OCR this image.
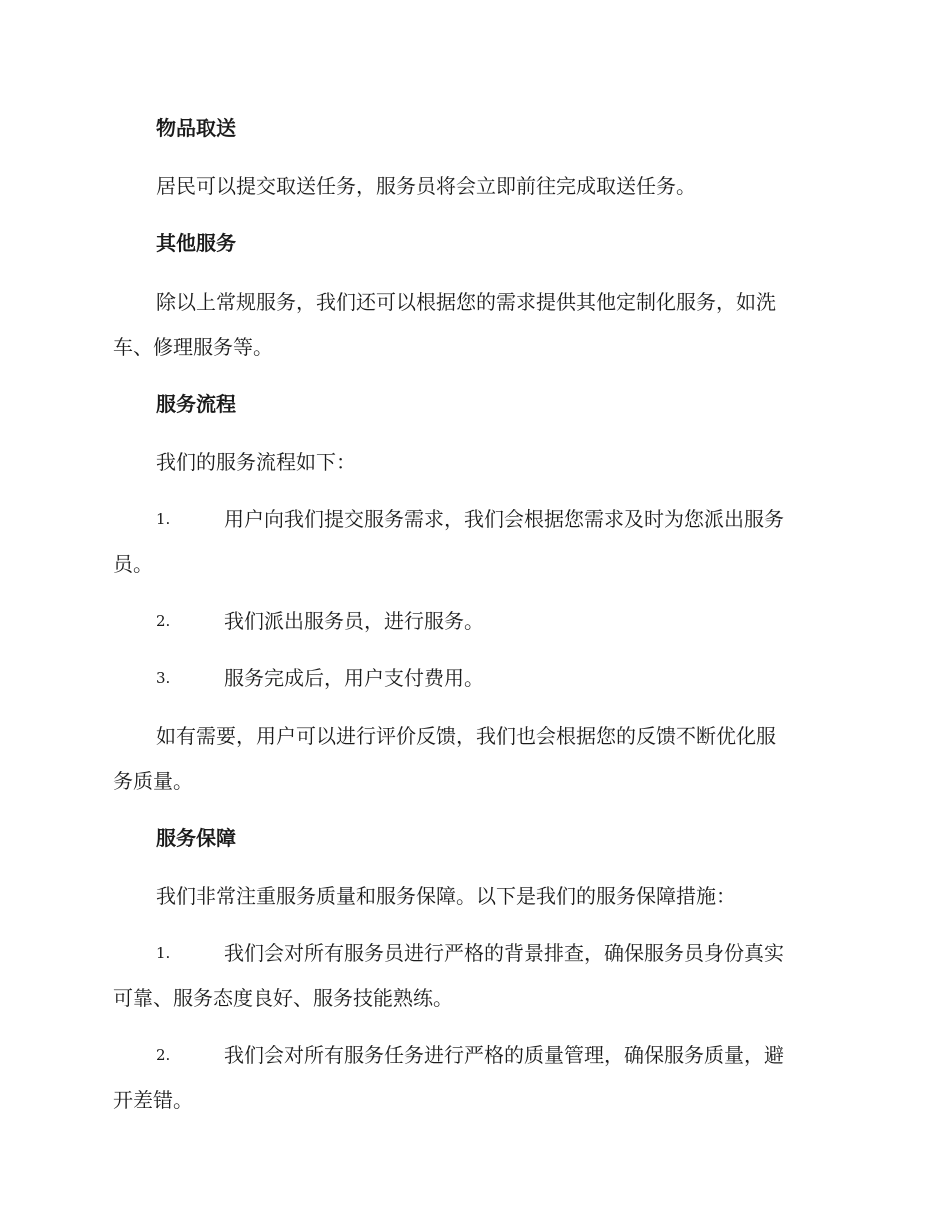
物品取送
居民可以提交取送任务，服务员将会立即前往完成取送任务。
其他服务
除以上常规服务，我们还可以根据您的需求提供其他定制化服务，如洗
车、修理服务等。
服务流程
我们的服务流程如下：
1.	用户向我们提交服务需求，我们会根据您需求及时为您派出服务
员。
2.	我们派出服务员，进行服务。
3.	服务完成后，用户支付费用。
如有需要，用户可以进行评价反馈，我们也会根据您的反馈不断优化服
务质量。
服务保障
我们非常注重服务质量和服务保障。以下是我们的服务保障措施：
1.	我们会对所有服务员进行严格的背景排查，确保服务员身份真实
可靠、服务态度良好、服务技能熟练。
2.	我们会对所有服务任务进行严格的质量管理，确保服务质量，避
开差错。
